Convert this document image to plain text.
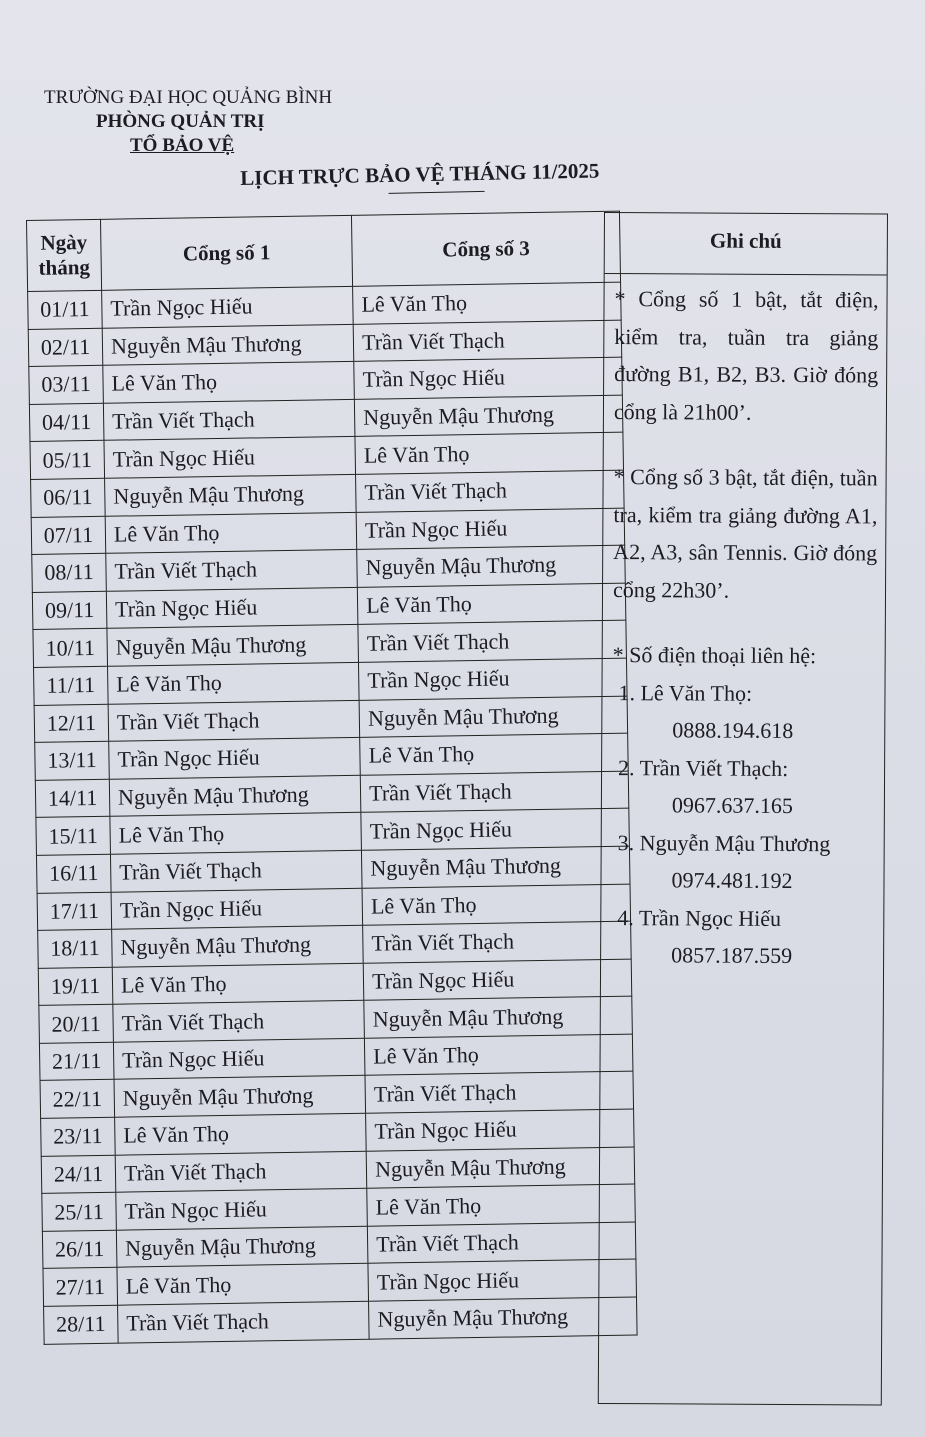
TRƯỜNG ĐẠI HỌC QUẢNG BÌNH
PHÒNG QUẢN TRỊ
TỔ BẢO VỆ
LỊCH TRỰC BẢO VỆ THÁNG 11/2025
Ngày
tháng	Cổng số 1	Cổng số 3
01/11	Trần Ngọc Hiếu	Lê Văn Thọ
02/11	Nguyễn Mậu Thương	Trần Viết Thạch
03/11	Lê Văn Thọ	Trần Ngọc Hiếu
04/11	Trần Viết Thạch	Nguyễn Mậu Thương
05/11	Trần Ngọc Hiếu	Lê Văn Thọ
06/11	Nguyễn Mậu Thương	Trần Viết Thạch
07/11	Lê Văn Thọ	Trần Ngọc Hiếu
08/11	Trần Viết Thạch	Nguyễn Mậu Thương
09/11	Trần Ngọc Hiếu	Lê Văn Thọ
10/11	Nguyễn Mậu Thương	Trần Viết Thạch
11/11	Lê Văn Thọ	Trần Ngọc Hiếu
12/11	Trần Viết Thạch	Nguyễn Mậu Thương
13/11	Trần Ngọc Hiếu	Lê Văn Thọ
14/11	Nguyễn Mậu Thương	Trần Viết Thạch
15/11	Lê Văn Thọ	Trần Ngọc Hiếu
16/11	Trần Viết Thạch	Nguyễn Mậu Thương
17/11	Trần Ngọc Hiếu	Lê Văn Thọ
18/11	Nguyễn Mậu Thương	Trần Viết Thạch
19/11	Lê Văn Thọ	Trần Ngọc Hiếu
20/11	Trần Viết Thạch	Nguyễn Mậu Thương
21/11	Trần Ngọc Hiếu	Lê Văn Thọ
22/11	Nguyễn Mậu Thương	Trần Viết Thạch
23/11	Lê Văn Thọ	Trần Ngọc Hiếu
24/11	Trần Viết Thạch	Nguyễn Mậu Thương
25/11	Trần Ngọc Hiếu	Lê Văn Thọ
26/11	Nguyễn Mậu Thương	Trần Viết Thạch
27/11	Lê Văn Thọ	Trần Ngọc Hiếu
28/11	Trần Viết Thạch	Nguyễn Mậu Thương
Ghi chú
* Cổng số 1 bật, tắt điện, kiểm tra, tuần tra giảng đường B1, B2, B3. Giờ đóng cổng là 21h00’.
* Cổng số 3 bật, tắt điện, tuần tra, kiểm tra giảng đường A1, A2, A3, sân Tennis. Giờ đóng cổng 22h30’.
* Số điện thoại liên hệ:
1. Lê Văn Thọ:
0888.194.618
2. Trần Viết Thạch:
0967.637.165
3. Nguyễn Mậu Thương
0974.481.192
4. Trần Ngọc Hiếu
0857.187.559
